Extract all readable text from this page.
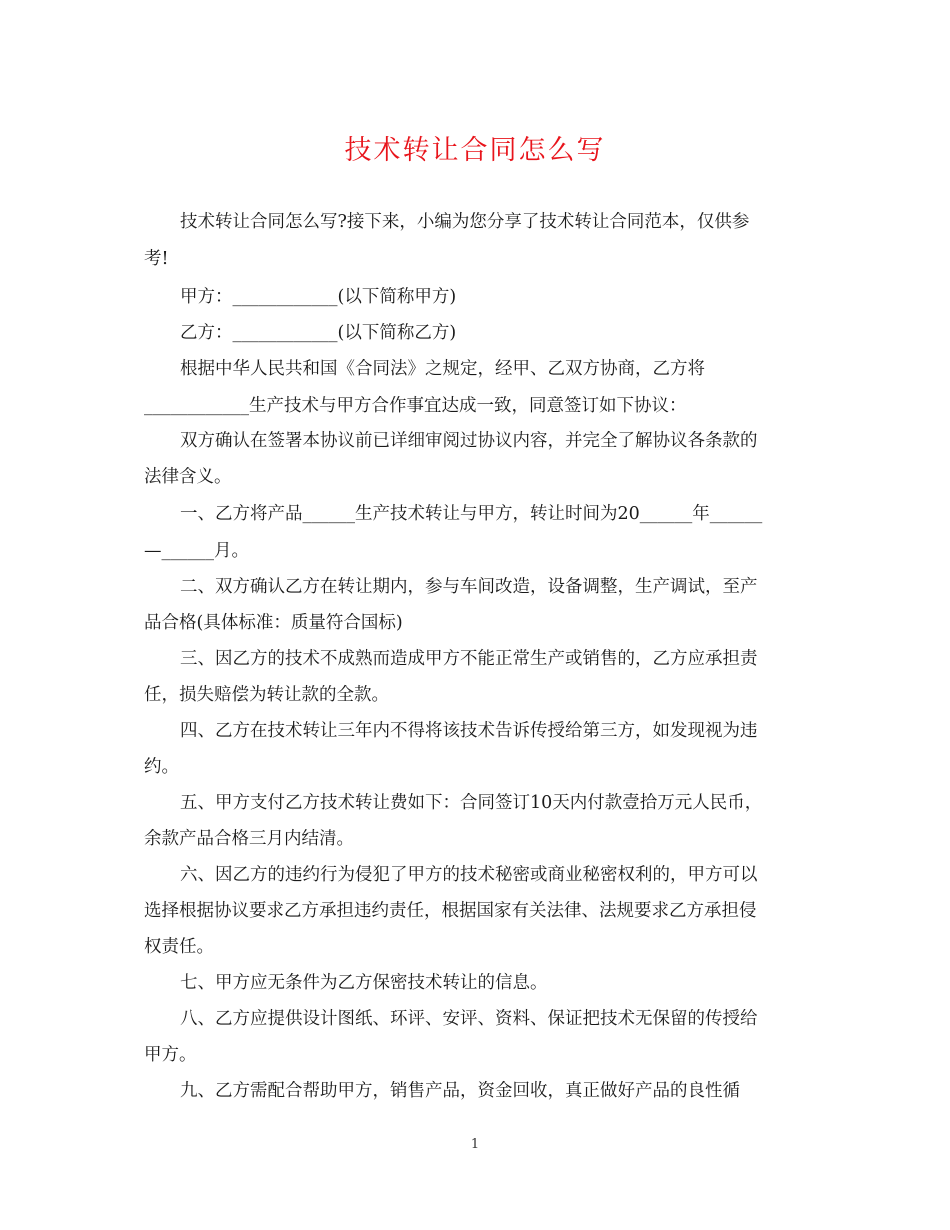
技术转让合同怎么写
技术转让合同怎么写?接下来，小编为您分享了技术转让合同范本，仅供参
考!
甲方：____________(以下简称甲方)
乙方：____________(以下简称乙方)
根据中华人民共和国《合同法》之规定，经甲、乙双方协商，乙方将
____________生产技术与甲方合作事宜达成一致，同意签订如下协议：
双方确认在签署本协议前已详细审阅过协议内容，并完全了解协议各条款的
法律含义。
一、乙方将产品______生产技术转让与甲方，转让时间为20______年______
—______月。
二、双方确认乙方在转让期内，参与车间改造，设备调整，生产调试，至产
品合格(具体标准：质量符合国标)
三、因乙方的技术不成熟而造成甲方不能正常生产或销售的，乙方应承担责
任，损失赔偿为转让款的全款。
四、乙方在技术转让三年内不得将该技术告诉传授给第三方，如发现视为违
约。
五、甲方支付乙方技术转让费如下：合同签订10天内付款壹拾万元人民币，
余款产品合格三月内结清。
六、因乙方的违约行为侵犯了甲方的技术秘密或商业秘密权利的，甲方可以
选择根据协议要求乙方承担违约责任，根据国家有关法律、法规要求乙方承担侵
权责任。
七、甲方应无条件为乙方保密技术转让的信息。
八、乙方应提供设计图纸、环评、安评、资料、保证把技术无保留的传授给
甲方。
九、乙方需配合帮助甲方，销售产品，资金回收，真正做好产品的良性循
1
